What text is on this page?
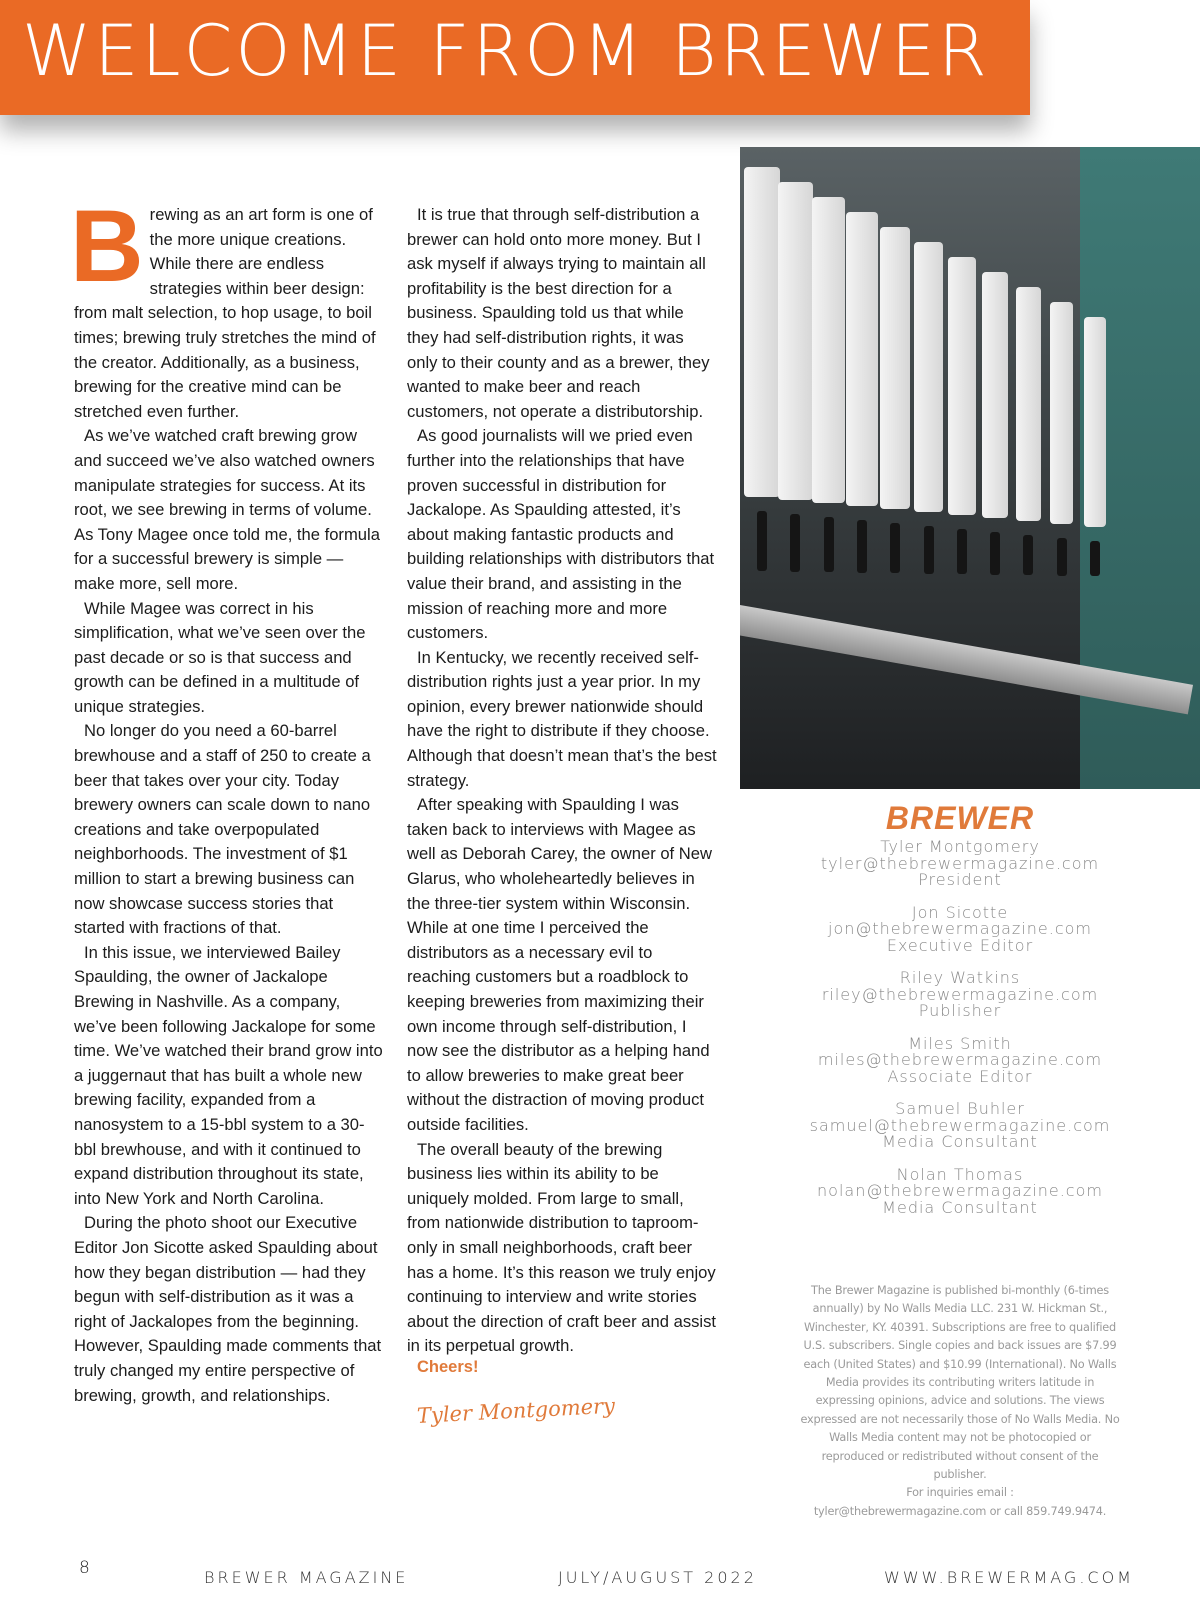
WELCOME FROM BREWER

Brewing as an art form is one of the more unique creations. While there are endless strategies within beer design: from malt selection, to hop usage, to boil times; brewing truly stretches the mind of the creator. Additionally, as a business, brewing for the creative mind can be stretched even further.

As we’ve watched craft brewing grow and succeed we’ve also watched owners manipulate strategies for success. At its root, we see brewing in terms of volume. As Tony Magee once told me, the formula for a successful brewery is simple — make more, sell more.

While Magee was correct in his simplification, what we’ve seen over the past decade or so is that success and growth can be defined in a multitude of unique strategies.

No longer do you need a 60-barrel brewhouse and a staff of 250 to create a beer that takes over your city. Today brewery owners can scale down to nano creations and take overpopulated neighborhoods. The investment of $1 million to start a brewing business can now showcase success stories that started with fractions of that.

In this issue, we interviewed Bailey Spaulding, the owner of Jackalope Brewing in Nashville. As a company, we’ve been following Jackalope for some time. We’ve watched their brand grow into a juggernaut that has built a whole new brewing facility, expanded from a nanosystem to a 15-bbl system to a 30-bbl brewhouse, and with it continued to expand distribution throughout its state, into New York and North Carolina.

During the photo shoot our Executive Editor Jon Sicotte asked Spaulding about how they began distribution — had they begun with self-distribution as it was a right of Jackalopes from the beginning. However, Spaulding made comments that truly changed my entire perspective of brewing, growth, and relationships.

It is true that through self-distribution a brewer can hold onto more money. But I ask myself if always trying to maintain all profitability is the best direction for a business. Spaulding told us that while they had self-distribution rights, it was only to their county and as a brewer, they wanted to make beer and reach customers, not operate a distributorship.

As good journalists will we pried even further into the relationships that have proven successful in distribution for Jackalope. As Spaulding attested, it’s about making fantastic products and building relationships with distributors that value their brand, and assisting in the mission of reaching more and more customers.

In Kentucky, we recently received self-distribution rights just a year prior. In my opinion, every brewer nationwide should have the right to distribute if they choose. Although that doesn’t mean that’s the best strategy.

After speaking with Spaulding I was taken back to interviews with Magee as well as Deborah Carey, the owner of New Glarus, who wholeheartedly believes in the three-tier system within Wisconsin. While at one time I perceived the distributors as a necessary evil to reaching customers but a roadblock to keeping breweries from maximizing their own income through self-distribution, I now see the distributor as a helping hand to allow breweries to make great beer without the distraction of moving product outside facilities.

The overall beauty of the brewing business lies within its ability to be uniquely molded. From large to small, from nationwide distribution to taproom-only in small neighborhoods, craft beer has a home. It’s this reason we truly enjoy continuing to interview and write stories about the direction of craft beer and assist in its perpetual growth.

Cheers!
Tyler Montgomery
BREWER
Tyler Montgomery
tyler@thebrewermagazine.com
President
Jon Sicotte
jon@thebrewermagazine.com
Executive Editor
Riley Watkins
riley@thebrewermagazine.com
Publisher
Miles Smith
miles@thebrewermagazine.com
Associate Editor
Samuel Buhler
samuel@thebrewermagazine.com
Media Consultant
Nolan Thomas
nolan@thebrewermagazine.com
Media Consultant
The Brewer Magazine is published bi-monthly (6-times annually) by No Walls Media LLC. 231 W. Hickman St., Winchester, KY. 40391. Subscriptions are free to qualified U.S. subscribers. Single copies and back issues are $7.99 each (United States) and $10.99 (International). No Walls Media provides its contributing writers latitude in expressing opinions, advice and solutions. The views expressed are not necessarily those of No Walls Media. No Walls Media content may not be photocopied or reproduced or redistributed without consent of the publisher.
For inquiries email :
tyler@thebrewermagazine.com or call 859.749.9474.
8	BREWER MAGAZINE	JULY/AUGUST 2022	WWW.BREWERMAG.COM
